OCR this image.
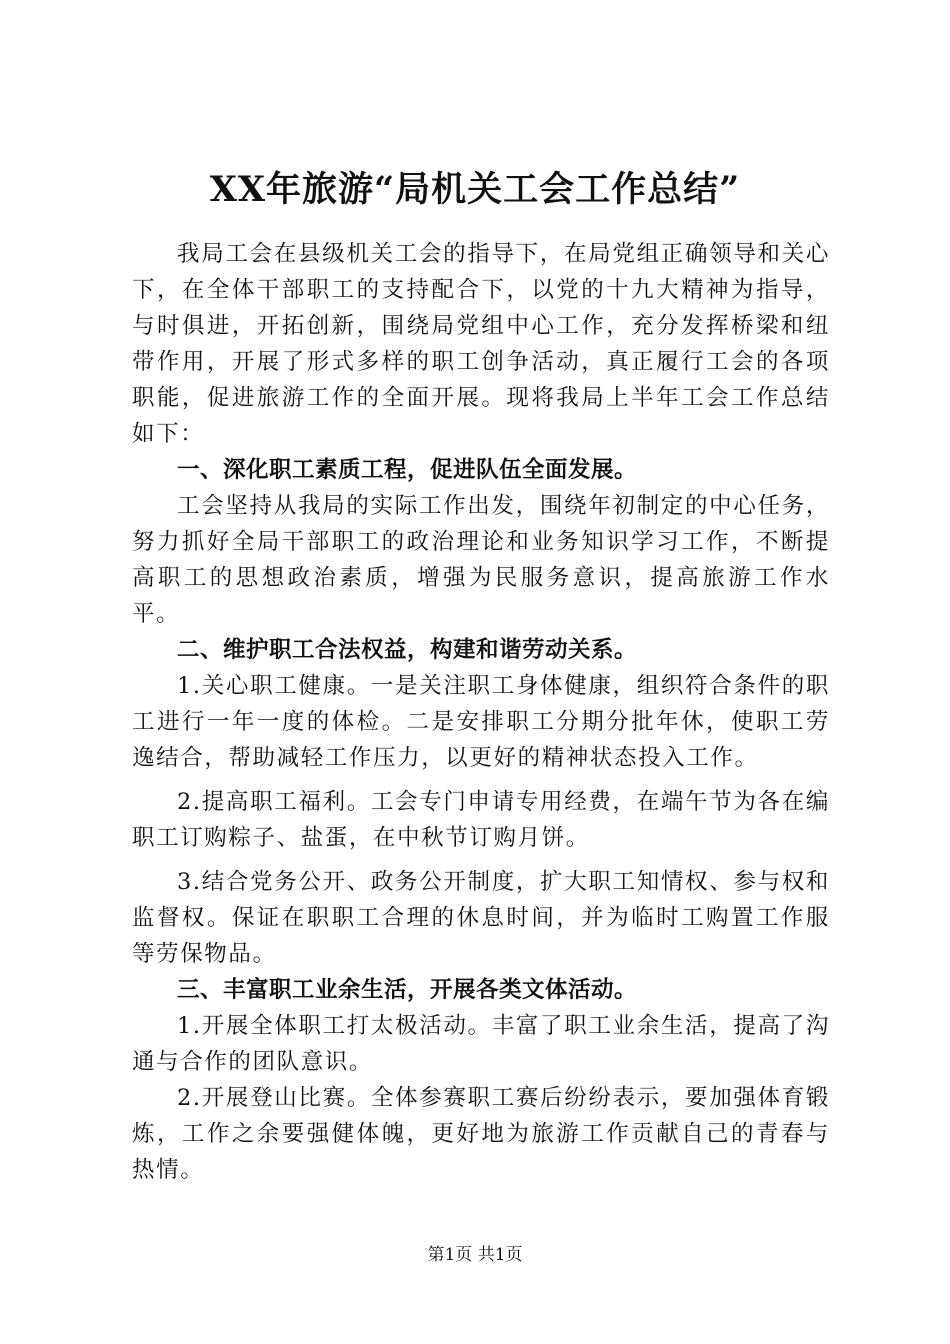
XX年旅游“局机关工会工作总结”

我局工会在县级机关工会的指导下，在局党组正确领导和关心下，在全体干部职工的支持配合下，以党的十九大精神为指导，与时俱进，开拓创新，围绕局党组中心工作，充分发挥桥梁和纽带作用，开展了形式多样的职工创争活动，真正履行工会的各项职能，促进旅游工作的全面开展。现将我局上半年工会工作总结如下：

一、深化职工素质工程，促进队伍全面发展。

工会坚持从我局的实际工作出发，围绕年初制定的中心任务，努力抓好全局干部职工的政治理论和业务知识学习工作，不断提高职工的思想政治素质，增强为民服务意识，提高旅游工作水平。

二、维护职工合法权益，构建和谐劳动关系。

1.关心职工健康。一是关注职工身体健康，组织符合条件的职工进行一年一度的体检。二是安排职工分期分批年休，使职工劳逸结合，帮助减轻工作压力，以更好的精神状态投入工作。

2.提高职工福利。工会专门申请专用经费，在端午节为各在编职工订购粽子、盐蛋，在中秋节订购月饼。

3.结合党务公开、政务公开制度，扩大职工知情权、参与权和监督权。保证在职职工合理的休息时间，并为临时工购置工作服等劳保物品。

三、丰富职工业余生活，开展各类文体活动。

1.开展全体职工打太极活动。丰富了职工业余生活，提高了沟通与合作的团队意识。

2.开展登山比赛。全体参赛职工赛后纷纷表示，要加强体育锻炼，工作之余要强健体魄，更好地为旅游工作贡献自己的青春与热情。

第1页 共1页
